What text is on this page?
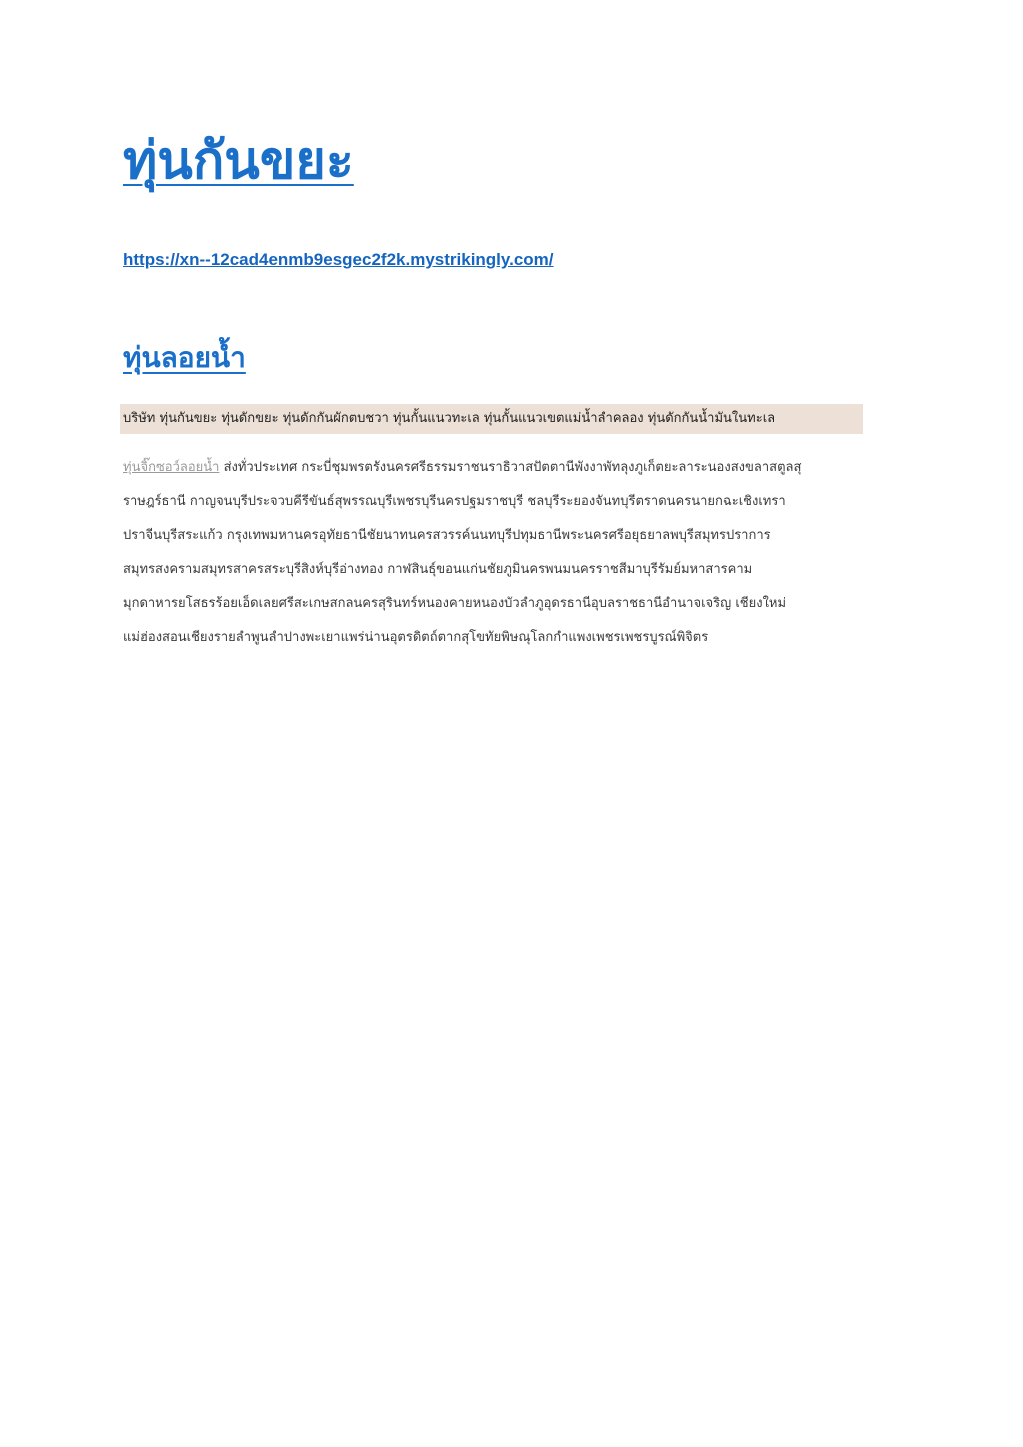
ทุ่นกันขยะ
https://xn--12cad4enmb9esgec2f2k.mystrikingly.com/
ทุ่นลอยน้ำ

บริษัท ทุ่นกันขยะ ทุ่นดักขยะ ทุ่นดักกันผักตบชวา ทุ่นกั้นแนวทะเล ทุ่นกั้นแนวเขตแม่น้ำลำคลอง ทุ่นดักกันน้ำมันในทะเล

ทุ่นจิ๊กซอว์ลอยน้ำ ส่งทั่วประเทศ กระบี่ชุมพรตรังนครศรีธรรมราชนราธิวาสปัตตานีพังงาพัทลุงภูเก็ตยะลาระนองสงขลาสตูลสุ
ราษฎร์ธานี กาญจนบุรีประจวบคีรีขันธ์สุพรรณบุรีเพชรบุรีนครปฐมราชบุรี ชลบุรีระยองจันทบุรีตราดนครนายกฉะเชิงเทรา
ปราจีนบุรีสระแก้ว กรุงเทพมหานครอุทัยธานีชัยนาทนครสวรรค์นนทบุรีปทุมธานีพระนครศรีอยุธยาลพบุรีสมุทรปราการ
สมุทรสงครามสมุทรสาครสระบุรีสิงห์บุรีอ่างทอง กาฬสินธุ์ขอนแก่นชัยภูมินครพนมนครราชสีมาบุรีรัมย์มหาสารคาม
มุกดาหารยโสธรร้อยเอ็ดเลยศรีสะเกษสกลนครสุรินทร์หนองคายหนองบัวลำภูอุดรธานีอุบลราชธานีอำนาจเจริญ เชียงใหม่
แม่ฮ่องสอนเชียงรายลำพูนลำปางพะเยาแพร่น่านอุตรดิตถ์ตากสุโขทัยพิษณุโลกกำแพงเพชรเพชรบูรณ์พิจิตร
